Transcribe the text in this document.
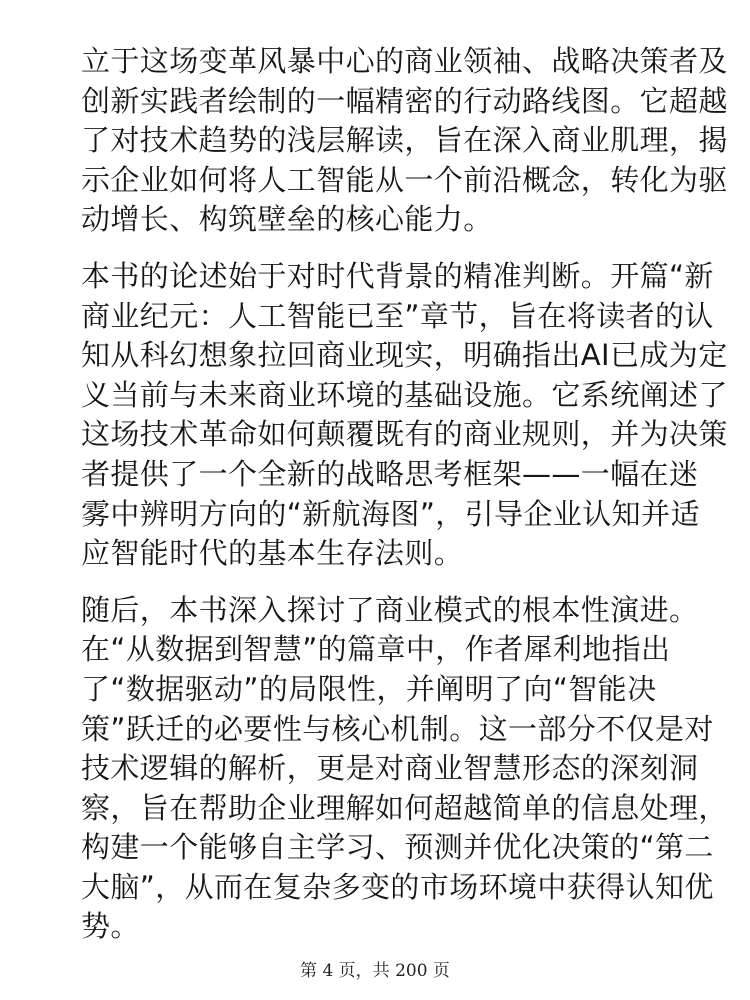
立于这场变革风暴中心的商业领袖、战略决策者及
创新实践者绘制的一幅精密的行动路线图。它超越
了对技术趋势的浅层解读，旨在深入商业肌理，揭
示企业如何将人工智能从一个前沿概念，转化为驱
动增长、构筑壁垒的核心能力。

本书的论述始于对时代背景的精准判断。开篇“新
商业纪元：人工智能已至”章节，旨在将读者的认
知从科幻想象拉回商业现实，明确指出AI已成为定
义当前与未来商业环境的基础设施。它系统阐述了
这场技术革命如何颠覆既有的商业规则，并为决策
者提供了一个全新的战略思考框架——一幅在迷
雾中辨明方向的“新航海图”，引导企业认知并适
应智能时代的基本生存法则。

随后，本书深入探讨了商业模式的根本性演进。
在“从数据到智慧”的篇章中，作者犀利地指出
了“数据驱动”的局限性，并阐明了向“智能决
策”跃迁的必要性与核心机制。这一部分不仅是对
技术逻辑的解析，更是对商业智慧形态的深刻洞
察，旨在帮助企业理解如何超越简单的信息处理，
构建一个能够自主学习、预测并优化决策的“第二
大脑”，从而在复杂多变的市场环境中获得认知优
势。

第 4 页，共 200 页
